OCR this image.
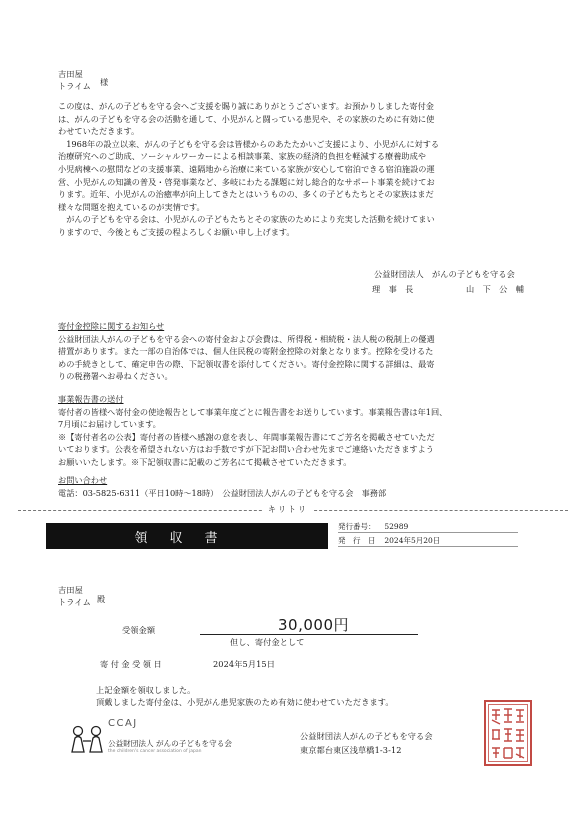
吉田屋
トライム 様
この度は、がんの子どもを守る会へご支援を賜り誠にありがとうございます。お預かりしました寄付金
は、がんの子どもを守る会の活動を通して、小児がんと闘っている患児や、その家族のために有効に使
わせていただきます。
　1968年の設立以来、がんの子どもを守る会は皆様からのあたたかいご支援により、小児がんに対する
治療研究へのご助成、ソーシャルワーカーによる相談事業、家族の経済的負担を軽減する療養助成や
小児病棟への慰問などの支援事業、遠隔地から治療に来ている家族が安心して宿泊できる宿泊施設の運
営、小児がんの知識の普及・啓発事業など、多岐にわたる課題に対し総合的なサポート事業を続けてお
ります。近年、小児がんの治癒率が向上してきたとはいうものの、多くの子どもたちとその家族はまだ
様々な問題を抱えているのが実情です。
　がんの子どもを守る会は、小児がんの子どもたちとその家族のためにより充実した活動を続けてまい
りますので、今後ともご支援の程よろしくお願い申し上げます。
公益財団法人　がんの子どもを守る会
理　事　長	山　下　公　輔
寄付金控除に関するお知らせ
公益財団法人がんの子どもを守る会への寄付金および会費は、所得税・相続税・法人税の税制上の優遇
措置があります。また一部の自治体では、個人住民税の寄附金控除の対象となります。控除を受けるた
めの手続きとして、確定申告の際、下記領収書を添付してください。寄付金控除に関する詳細は、最寄
りの税務署へお尋ねください。
事業報告書の送付
寄付者の皆様へ寄付金の使途報告として事業年度ごとに報告書をお送りしています。事業報告書は年1回、
7月頃にお届けしています。
※【寄付者名の公表】寄付者の皆様へ感謝の意を表し、年間事業報告書にてご芳名を掲載させていただ
いております。公表を希望されない方はお手数ですが下記お問い合わせ先までご連絡いただきますよう
お願いいたします。※下記領収書に記載のご芳名にて掲載させていただきます。
お問い合わせ
電話：03-5825-6311（平日10時～18時）　公益財団法人がんの子どもを守る会　事務部
キリトリ
領収書
発行番号： 52989
発　行　日 2024年5月20日
吉田屋
トライム 殿
受領金額	30,000円
但し、寄付金として
寄付金受領日	2024年5月15日
上記金額を領収しました。
頂戴しました寄付金は、小児がん患児家族のため有効に使わせていただきます。
CCAJ
公益財団法人 がんの子どもを守る会
the children's cancer association of japan
公益財団法人がんの子どもを守る会
東京都台東区浅草橋1-3-12
